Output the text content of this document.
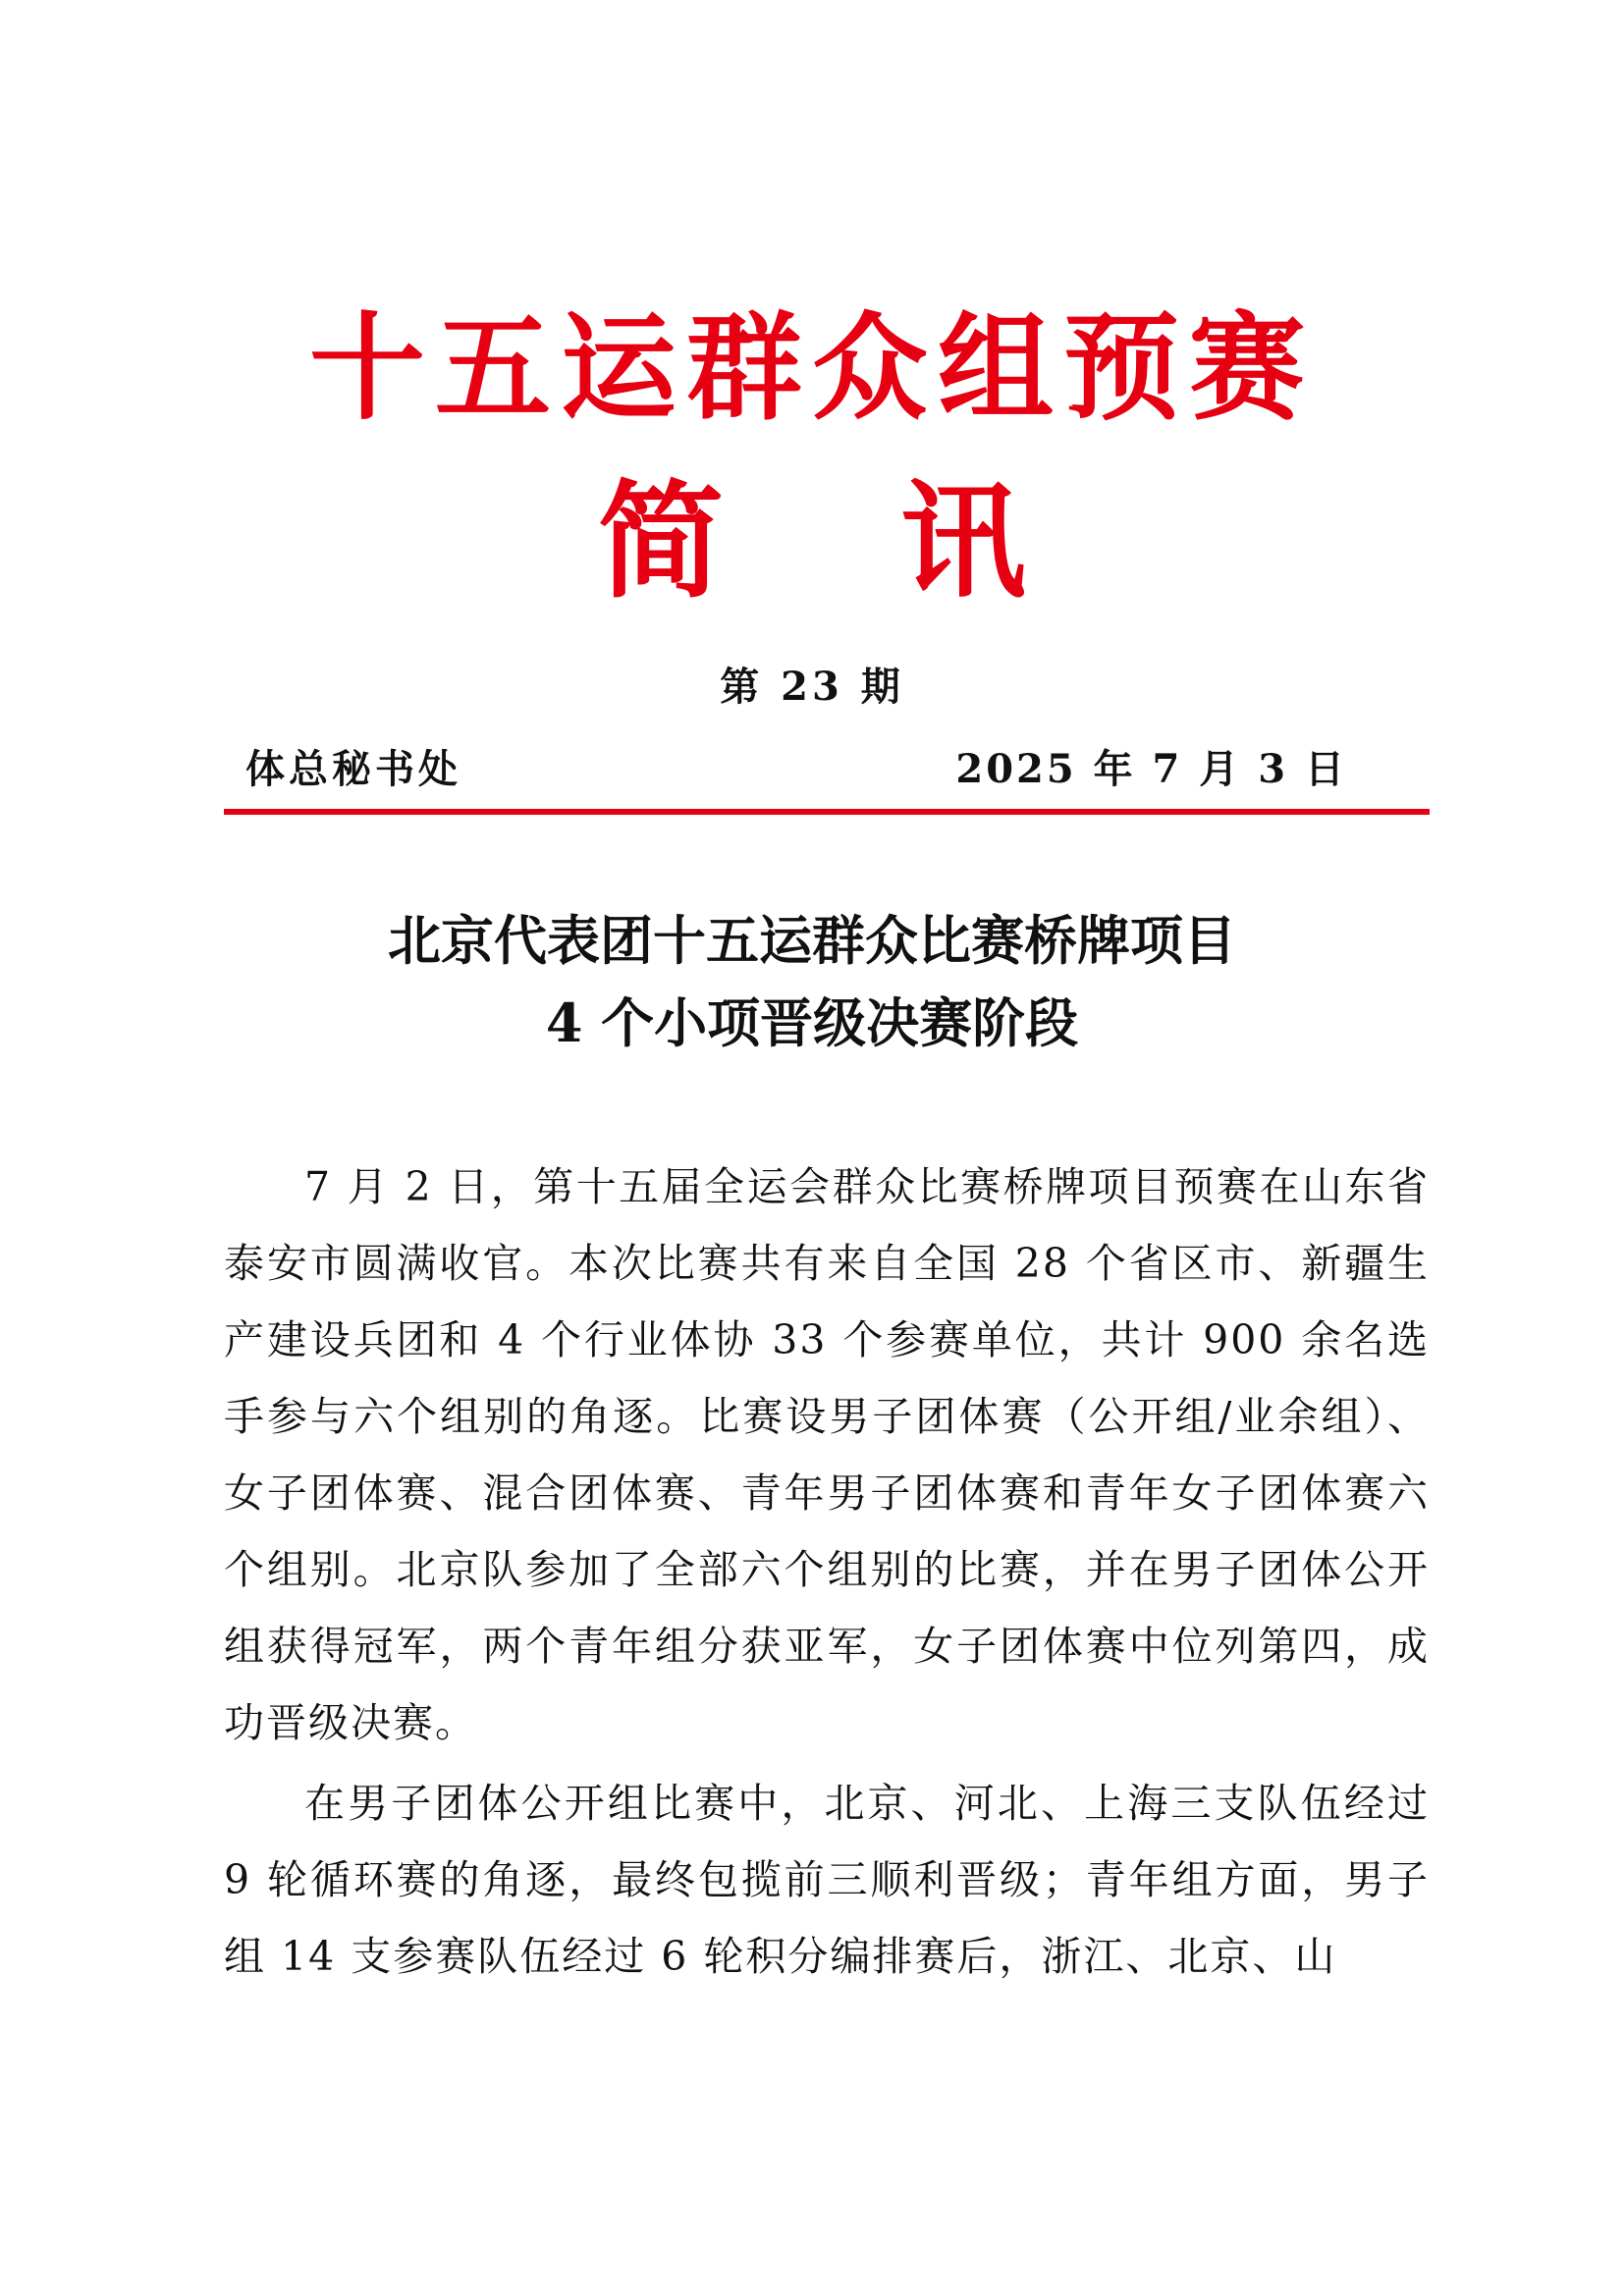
十五运群众组预赛
简 讯
第 23 期
体总秘书处	2025 年 7 月 3 日
北京代表团十五运群众比赛桥牌项目
4 个小项晋级决赛阶段

7 月 2 日，第十五届全运会群众比赛桥牌项目预赛在山东省泰安市圆满收官。本次比赛共有来自全国 28 个省区市、新疆生产建设兵团和 4 个行业体协 33 个参赛单位，共计 900 余名选手参与六个组别的角逐。比赛设男子团体赛（公开组/业余组）、女子团体赛、混合团体赛、青年男子团体赛和青年女子团体赛六个组别。北京队参加了全部六个组别的比赛，并在男子团体公开组获得冠军，两个青年组分获亚军，女子团体赛中位列第四，成功晋级决赛。

在男子团体公开组比赛中，北京、河北、上海三支队伍经过 9 轮循环赛的角逐，最终包揽前三顺利晋级；青年组方面，男子组 14 支参赛队伍经过 6 轮积分编排赛后，浙江、北京、山
